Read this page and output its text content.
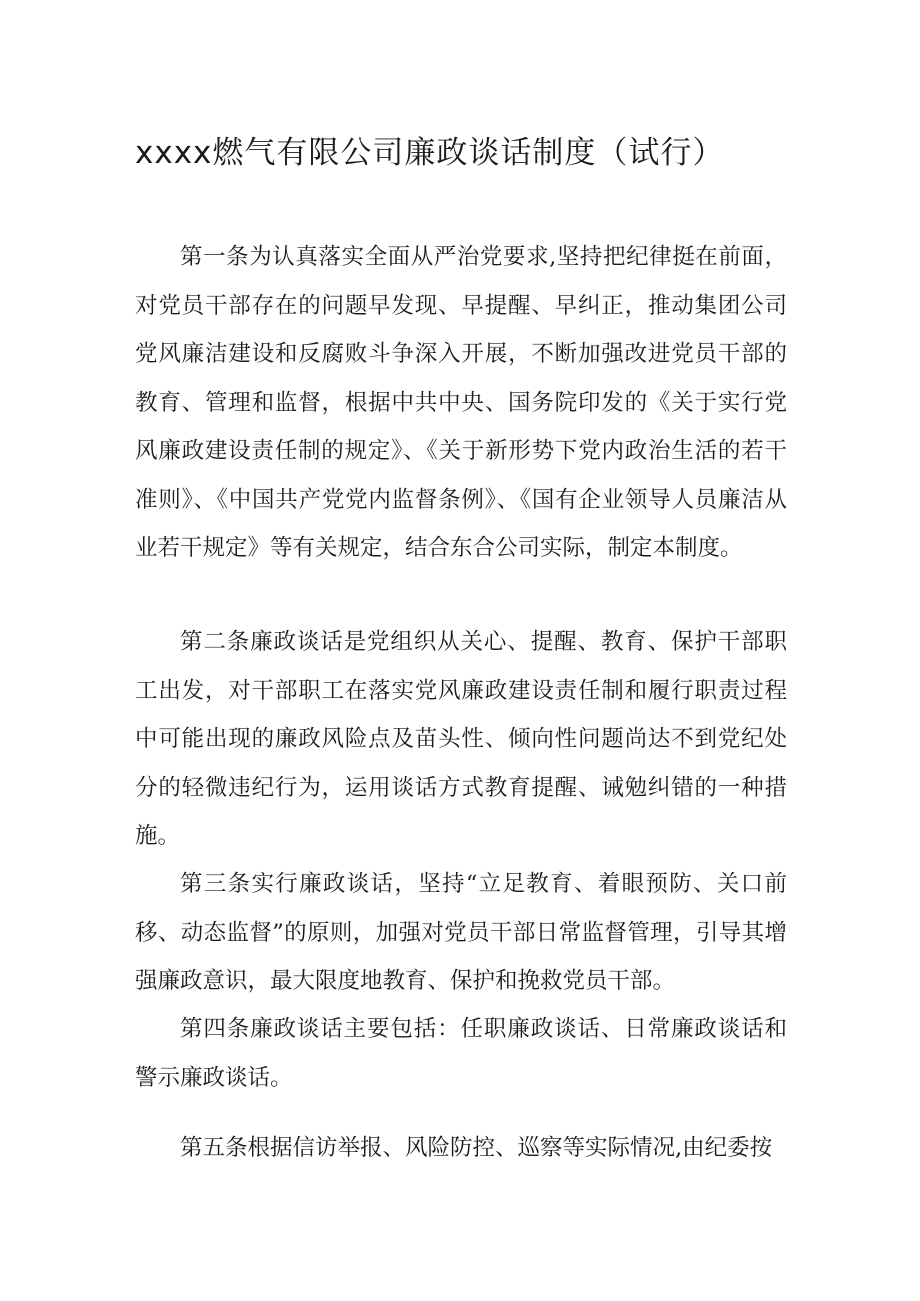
xxxx燃气有限公司廉政谈话制度（试行）

第一条为认真落实全面从严治党要求,坚持把纪律挺在前面，对党员干部存在的问题早发现、早提醒、早纠正，推动集团公司党风廉洁建设和反腐败斗争深入开展，不断加强改进党员干部的教育、管理和监督，根据中共中央、国务院印发的《关于实行党风廉政建设责任制的规定》、《关于新形势下党内政治生活的若干准则》、《中国共产党党内监督条例》、《国有企业领导人员廉洁从业若干规定》等有关规定，结合东合公司实际，制定本制度。

第二条廉政谈话是党组织从关心、提醒、教育、保护干部职工出发，对干部职工在落实党风廉政建设责任制和履行职责过程中可能出现的廉政风险点及苗头性、倾向性问题尚达不到党纪处分的轻微违纪行为，运用谈话方式教育提醒、诫勉纠错的一种措施。

第三条实行廉政谈话，坚持“立足教育、着眼预防、关口前移、动态监督”的原则，加强对党员干部日常监督管理，引导其增强廉政意识，最大限度地教育、保护和挽救党员干部。

第四条廉政谈话主要包括：任职廉政谈话、日常廉政谈话和警示廉政谈话。

第五条根据信访举报、风险防控、巡察等实际情况,由纪委按
